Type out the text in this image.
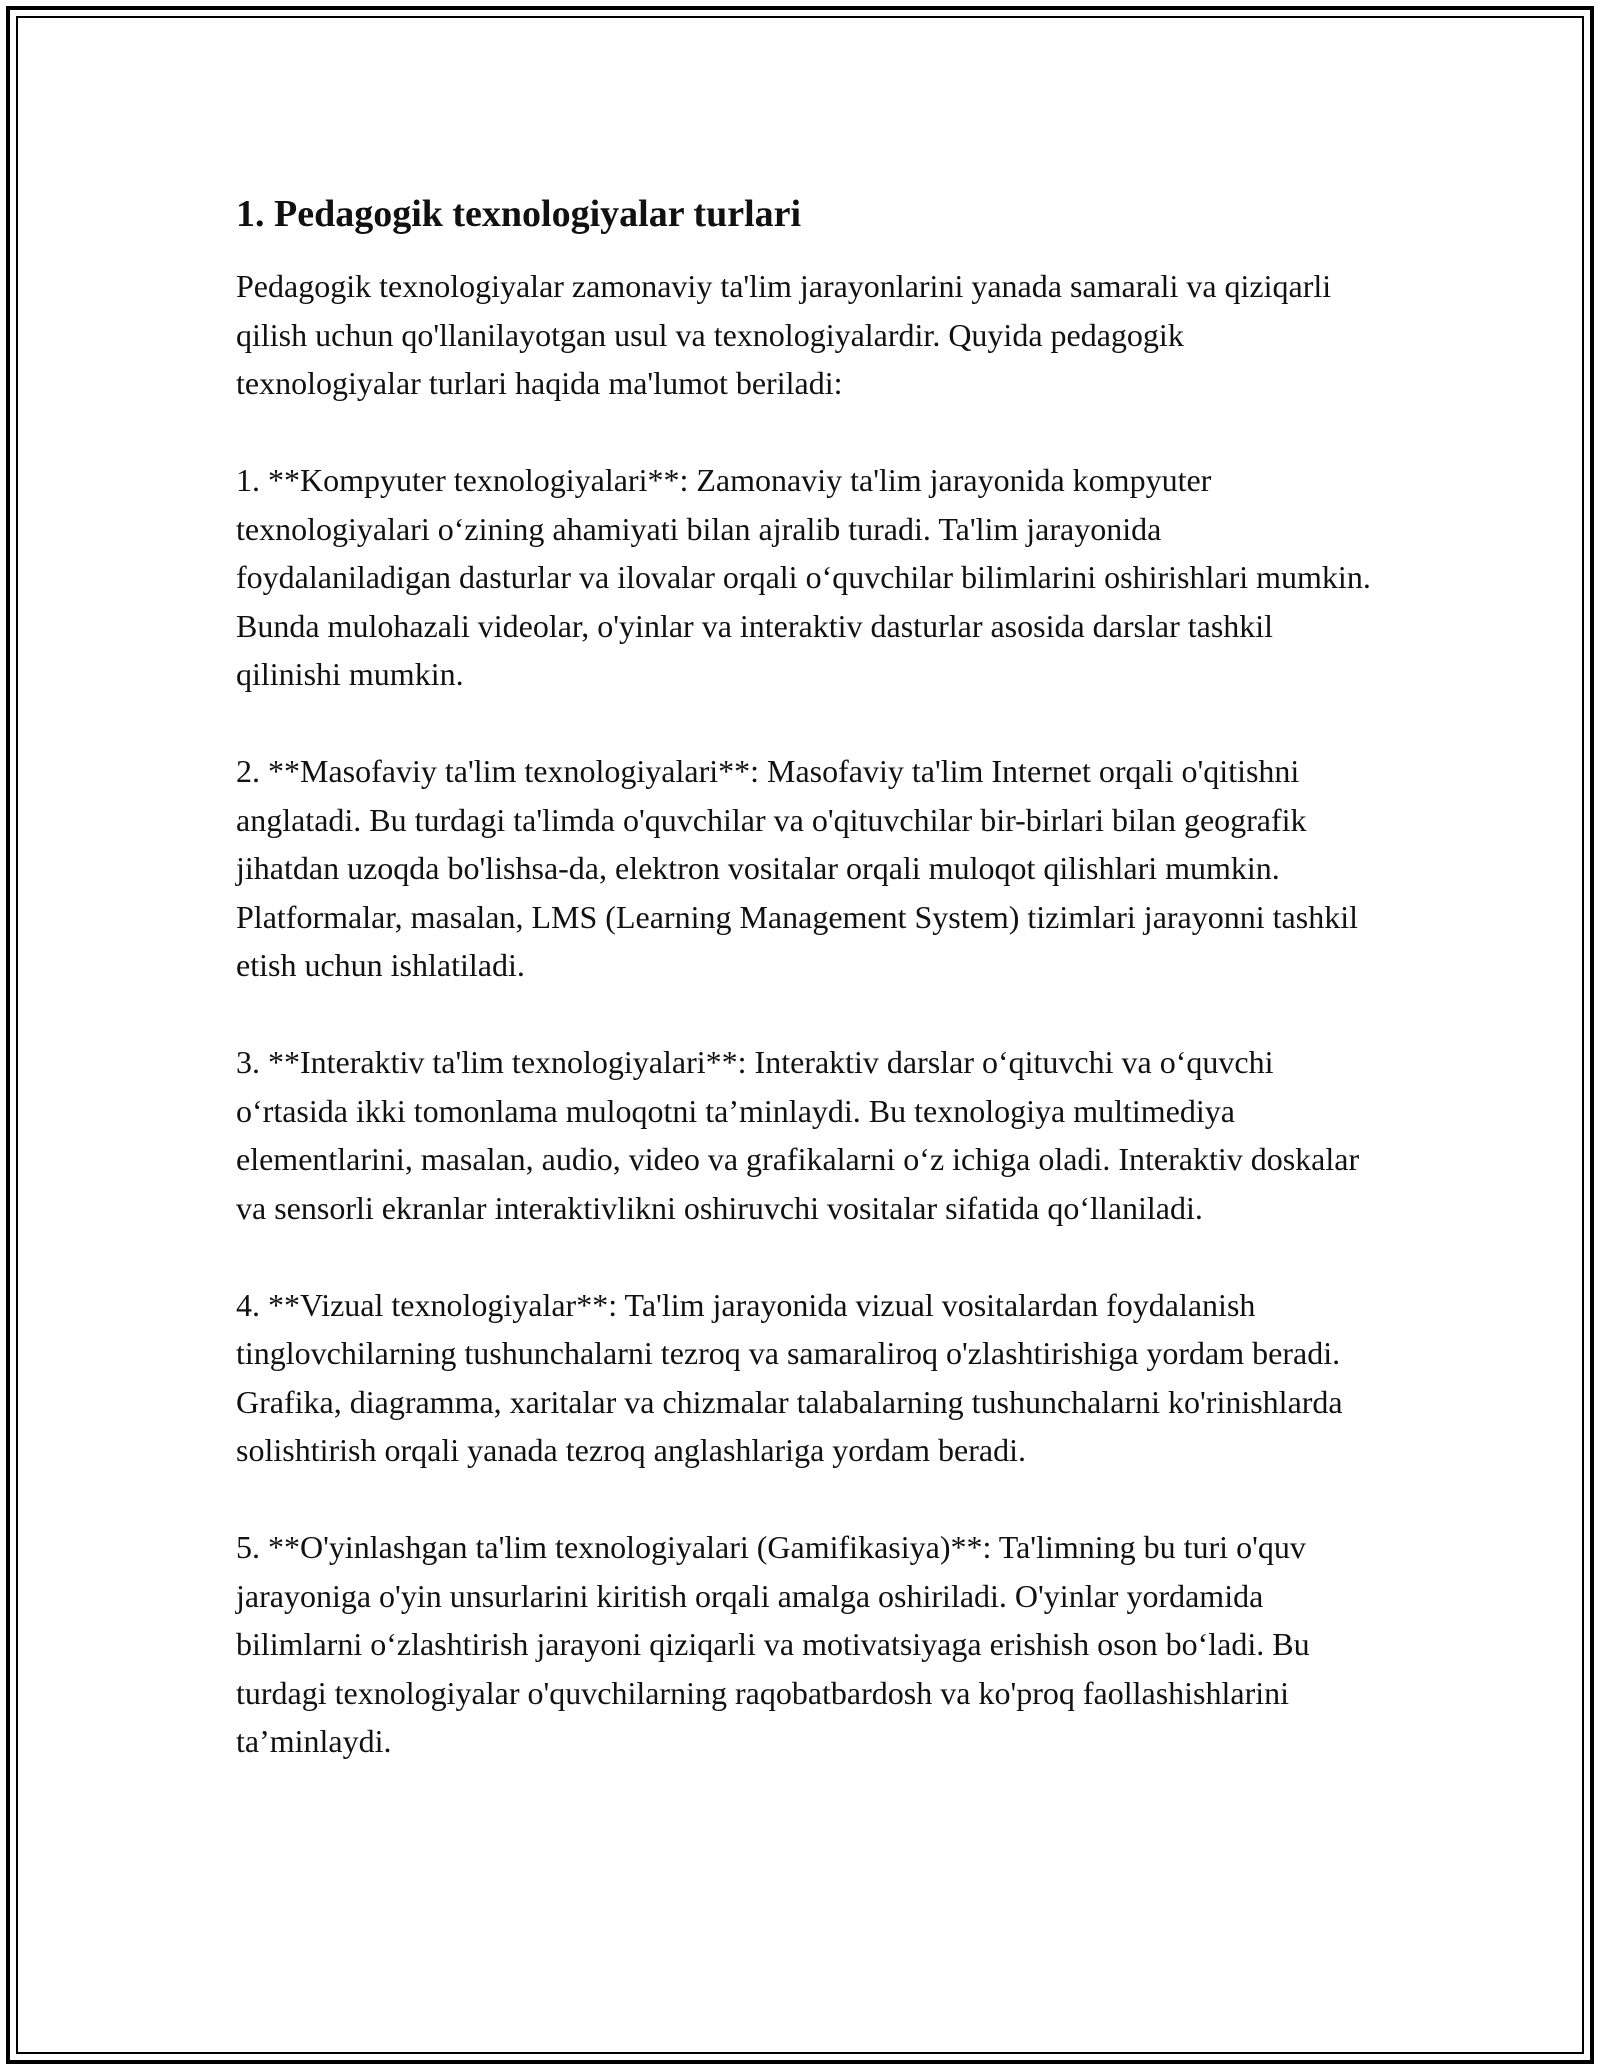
1. Pedagogik texnologiyalar turlari

Pedagogik texnologiyalar zamonaviy ta'lim jarayonlarini yanada samarali va qiziqarli qilish uchun qo'llanilayotgan usul va texnologiyalardir. Quyida pedagogik texnologiyalar turlari haqida ma'lumot beriladi:

1. **Kompyuter texnologiyalari**: Zamonaviy ta'lim jarayonida kompyuter texnologiyalari o‘zining ahamiyati bilan ajralib turadi. Ta'lim jarayonida foydalaniladigan dasturlar va ilovalar orqali o‘quvchilar bilimlarini oshirishlari mumkin. Bunda mulohazali videolar, o'yinlar va interaktiv dasturlar asosida darslar tashkil qilinishi mumkin.

2. **Masofaviy ta'lim texnologiyalari**: Masofaviy ta'lim Internet orqali o'qitishni anglatadi. Bu turdagi ta'limda o'quvchilar va o'qituvchilar bir-birlari bilan geografik jihatdan uzoqda bo'lishsa-da, elektron vositalar orqali muloqot qilishlari mumkin. Platformalar, masalan, LMS (Learning Management System) tizimlari jarayonni tashkil etish uchun ishlatiladi.

3. **Interaktiv ta'lim texnologiyalari**: Interaktiv darslar o‘qituvchi va o‘quvchi o‘rtasida ikki tomonlama muloqotni ta’minlaydi. Bu texnologiya multimediya elementlarini, masalan, audio, video va grafikalarni o‘z ichiga oladi. Interaktiv doskalar va sensorli ekranlar interaktivlikni oshiruvchi vositalar sifatida qo‘llaniladi.

4. **Vizual texnologiyalar**: Ta'lim jarayonida vizual vositalardan foydalanish tinglovchilarning tushunchalarni tezroq va samaraliroq o'zlashtirishiga yordam beradi. Grafika, diagramma, xaritalar va chizmalar talabalarning tushunchalarni ko'rinishlarda solishtirish orqali yanada tezroq anglashlariga yordam beradi.

5. **O'yinlashgan ta'lim texnologiyalari (Gamifikasiya)**: Ta'limning bu turi o'quv jarayoniga o'yin unsurlarini kiritish orqali amalga oshiriladi. O'yinlar yordamida bilimlarni o‘zlashtirish jarayoni qiziqarli va motivatsiyaga erishish oson bo‘ladi. Bu turdagi texnologiyalar o'quvchilarning raqobatbardosh va ko'proq faollashishlarini ta’minlaydi.
